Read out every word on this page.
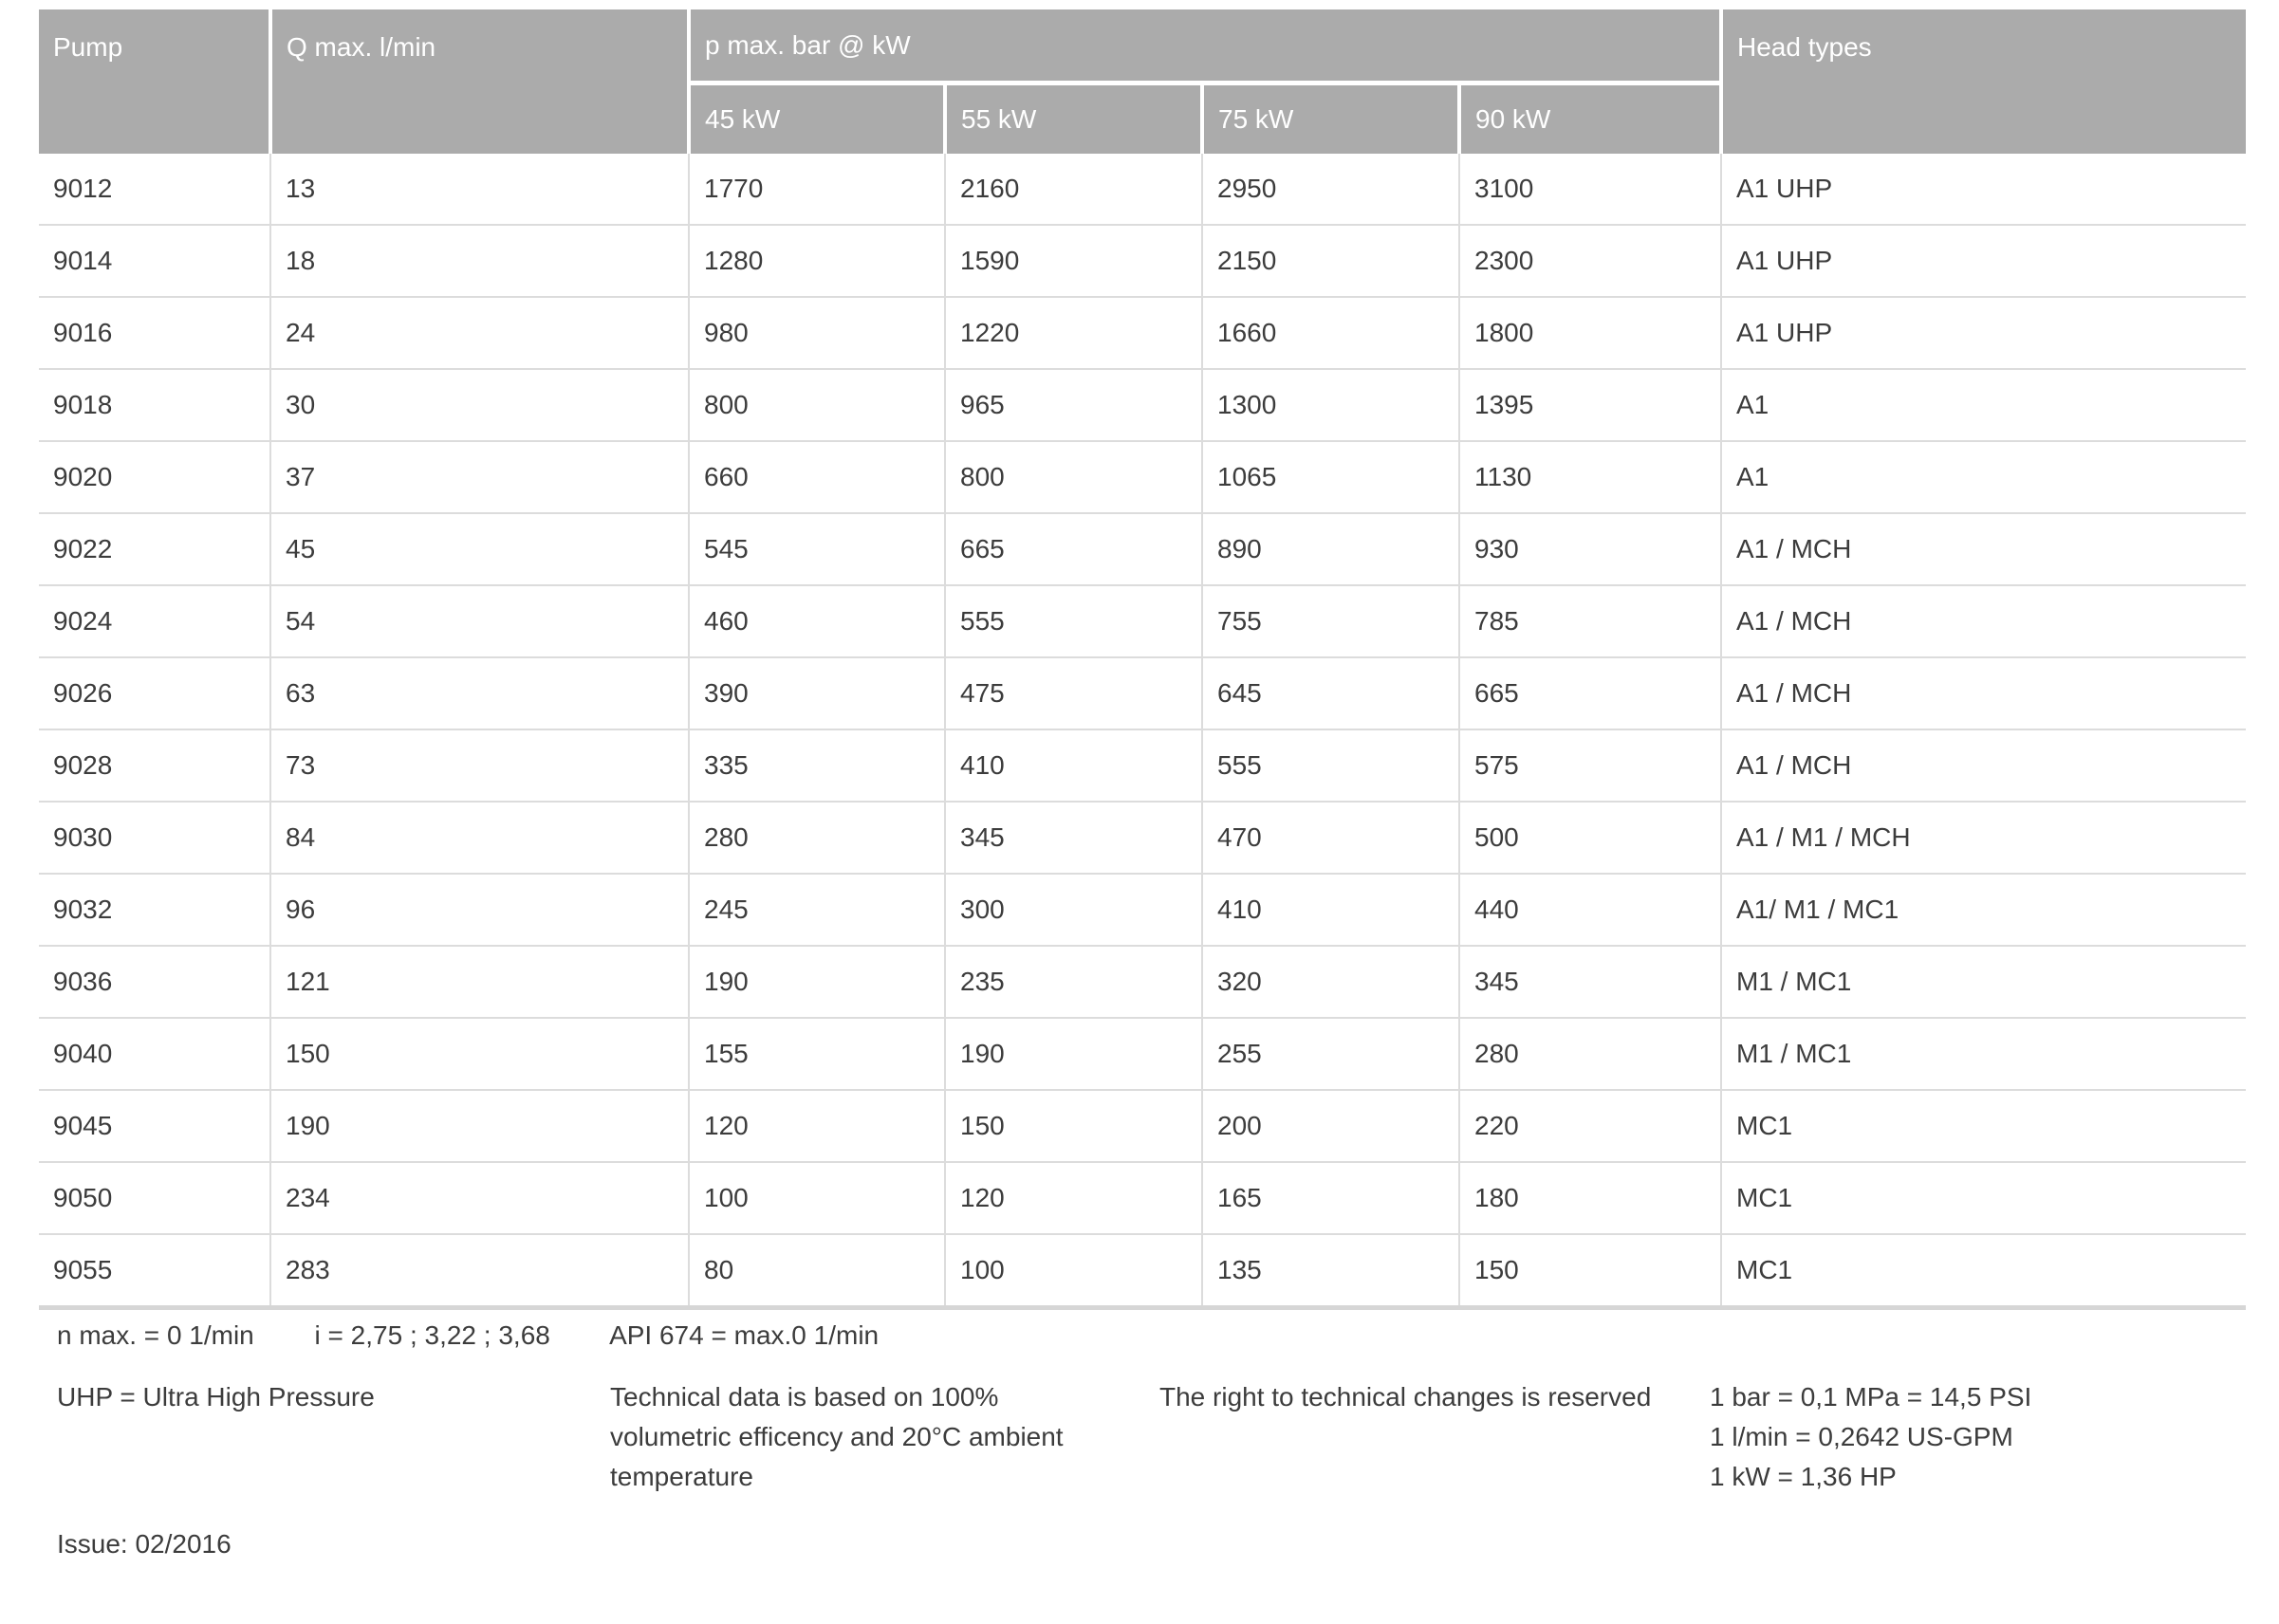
Pump	Q max. l/min	p max. bar @ kW				Head types
		45 kW	55 kW	75 kW	90 kW	
9012	13	1770	2160	2950	3100	A1 UHP
9014	18	1280	1590	2150	2300	A1 UHP
9016	24	980	1220	1660	1800	A1 UHP
9018	30	800	965	1300	1395	A1
9020	37	660	800	1065	1130	A1
9022	45	545	665	890	930	A1 / MCH
9024	54	460	555	755	785	A1 / MCH
9026	63	390	475	645	665	A1 / MCH
9028	73	335	410	555	575	A1 / MCH
9030	84	280	345	470	500	A1 / M1 / MCH
9032	96	245	300	410	440	A1/ M1 / MC1
9036	121	190	235	320	345	M1 / MC1
9040	150	155	190	255	280	M1 / MC1
9045	190	120	150	200	220	MC1
9050	234	100	120	165	180	MC1
9055	283	80	100	135	150	MC1
n max. = 0 1/min i = 2,75 ; 3,22 ; 3,68 API 674 = max.0 1/min
UHP = Ultra High Pressure	Technical data is based on 100%
volumetric efficency and 20°C ambient
temperature
The right to technical changes is reserved 1 bar = 0,1 MPa = 14,5 PSI
1 l/min = 0,2642 US-GPM
1 kW = 1,36 HP
Issue: 02/2016
